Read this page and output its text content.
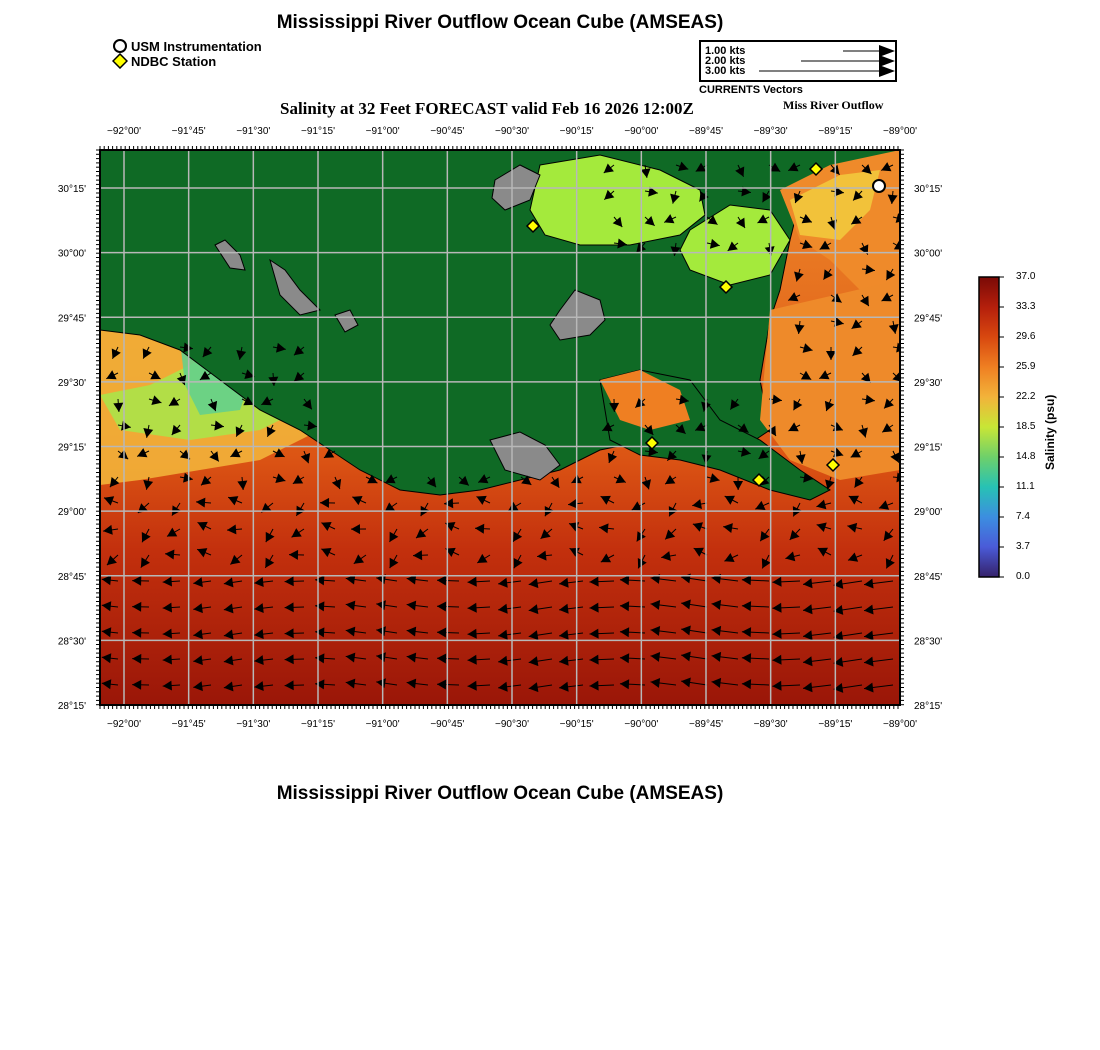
Mississippi River Outflow Ocean Cube (AMSEAS)
USM Instrumentation
NDBC Station
1.00 kts
2.00 kts
3.00 kts
CURRENTS Vectors
Salinity at 32 Feet FORECAST valid Feb 16 2026 12:00Z	Miss River Outflow
−92°00'	−91°45'	−91°30'	−91°15'	−91°00'	−90°45'	−90°30'	−90°15'	−90°00'	−89°45'	−89°30'	−89°15'	−89°00'
−92°00'	−91°45'	−91°30'	−91°15'	−91°00'	−90°45'	−90°30'	−90°15'	−90°00'	−89°45'	−89°30'	−89°15'	−89°00'
30°15'
30°00'
29°45'
29°30'
29°15'
29°00'
28°45'
28°30'
28°15'
30°15'
30°00'
29°45'
29°30'
29°15'
29°00'
28°45'
28°30'
28°15'
37.0
33.3
29.6
25.9
22.2
18.5
14.8
11.1
7.4
3.7
0.0
Salinity (psu)
Mississippi River Outflow Ocean Cube (AMSEAS)
